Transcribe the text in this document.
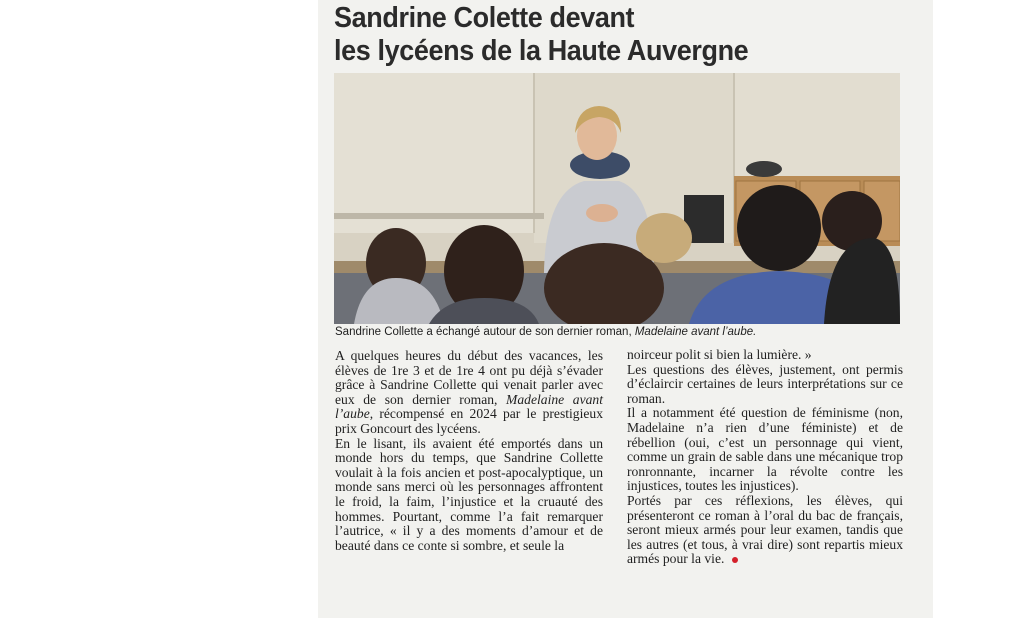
Sandrine Colette devant
les lycéens de la Haute Auvergne
Sandrine Collette a échangé autour de son dernier roman, Madelaine avant l’aube.

A quelques heures du début des vacances, les élèves de 1re 3 et de 1re 4 ont pu déjà s’évader grâce à Sandrine Collette qui venait parler avec eux de son dernier roman, Madelaine avant l’aube, récompensé en 2024 par le prestigieux prix Goncourt des lycéens.

En le lisant, ils avaient été emportés dans un monde hors du temps, que Sandrine Collette voulait à la fois ancien et post-apocalyptique, un monde sans merci où les personnages affrontent le froid, la faim, l’injustice et la cruauté des hommes. Pourtant, comme l’a fait remarquer l’autrice, « il y a des moments d’amour et de beauté dans ce conte si sombre, et seule la

noirceur polit si bien la lumière. »

Les questions des élèves, justement, ont permis d’éclaircir certaines de leurs interprétations sur ce roman.

Il a notamment été question de féminisme (non, Madelaine n’a rien d’une féministe) et de rébellion (oui, c’est un personnage qui vient, comme un grain de sable dans une mécanique trop ronronnante, incarner la révolte contre les injustices, toutes les injustices).

Portés par ces réflexions, les élèves, qui présenteront ce roman à l’oral du bac de français, seront mieux armés pour leur examen, tandis que les autres (et tous, à vrai dire) sont repartis mieux armés pour la vie.
